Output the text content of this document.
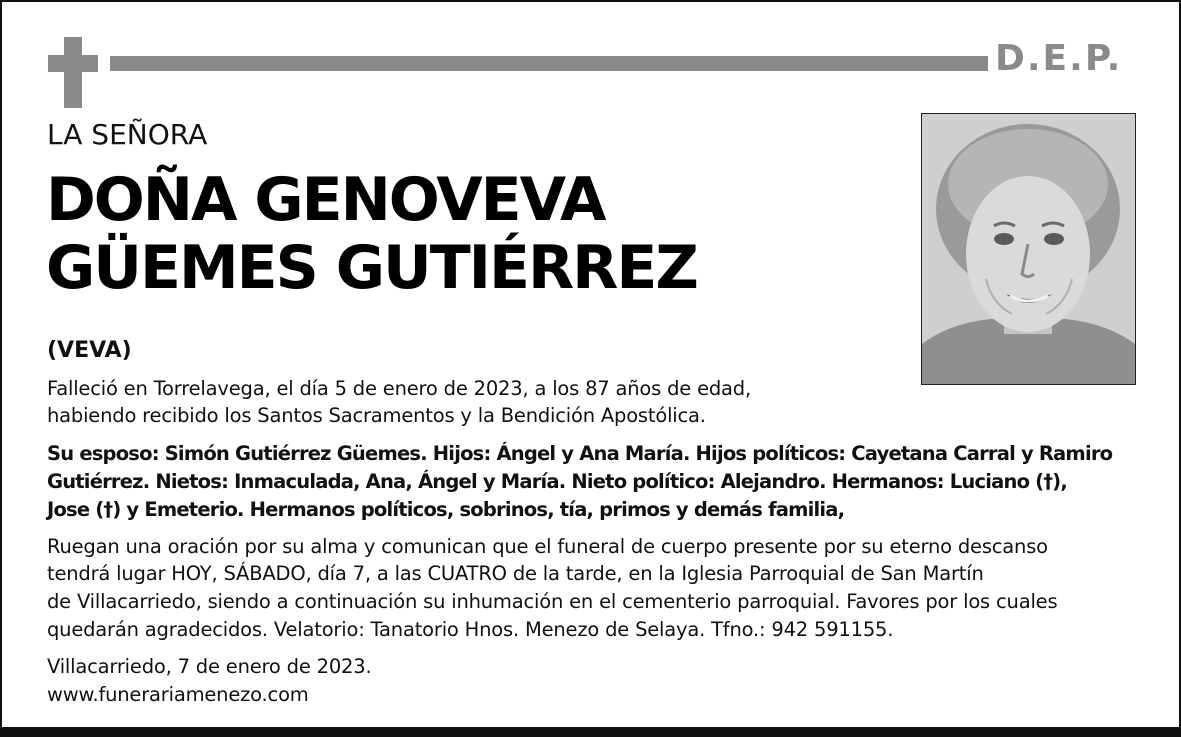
D.E.P.
LA SEÑORA
DOÑA GENOVEVA
GÜEMES GUTIÉRREZ
(VEVA)
Falleció en Torrelavega, el día 5 de enero de 2023, a los 87 años de edad,
habiendo recibido los Santos Sacramentos y la Bendición Apostólica.
Su esposo: Simón Gutiérrez Güemes. Hijos: Ángel y Ana María. Hijos políticos: Cayetana Carral y Ramiro
Gutiérrez. Nietos: Inmaculada, Ana, Ángel y María. Nieto político: Alejandro. Hermanos: Luciano (†),
Jose (†) y Emeterio. Hermanos políticos, sobrinos, tía, primos y demás familia,
Ruegan una oración por su alma y comunican que el funeral de cuerpo presente por su eterno descanso
tendrá lugar HOY, SÁBADO, día 7, a las CUATRO de la tarde, en la Iglesia Parroquial de San Martín
de Villacarriedo, siendo a continuación su inhumación en el cementerio parroquial. Favores por los cuales
quedarán agradecidos. Velatorio: Tanatorio Hnos. Menezo de Selaya. Tfno.: 942 591155.
Villacarriedo, 7 de enero de 2023.
www.funerariamenezo.com
